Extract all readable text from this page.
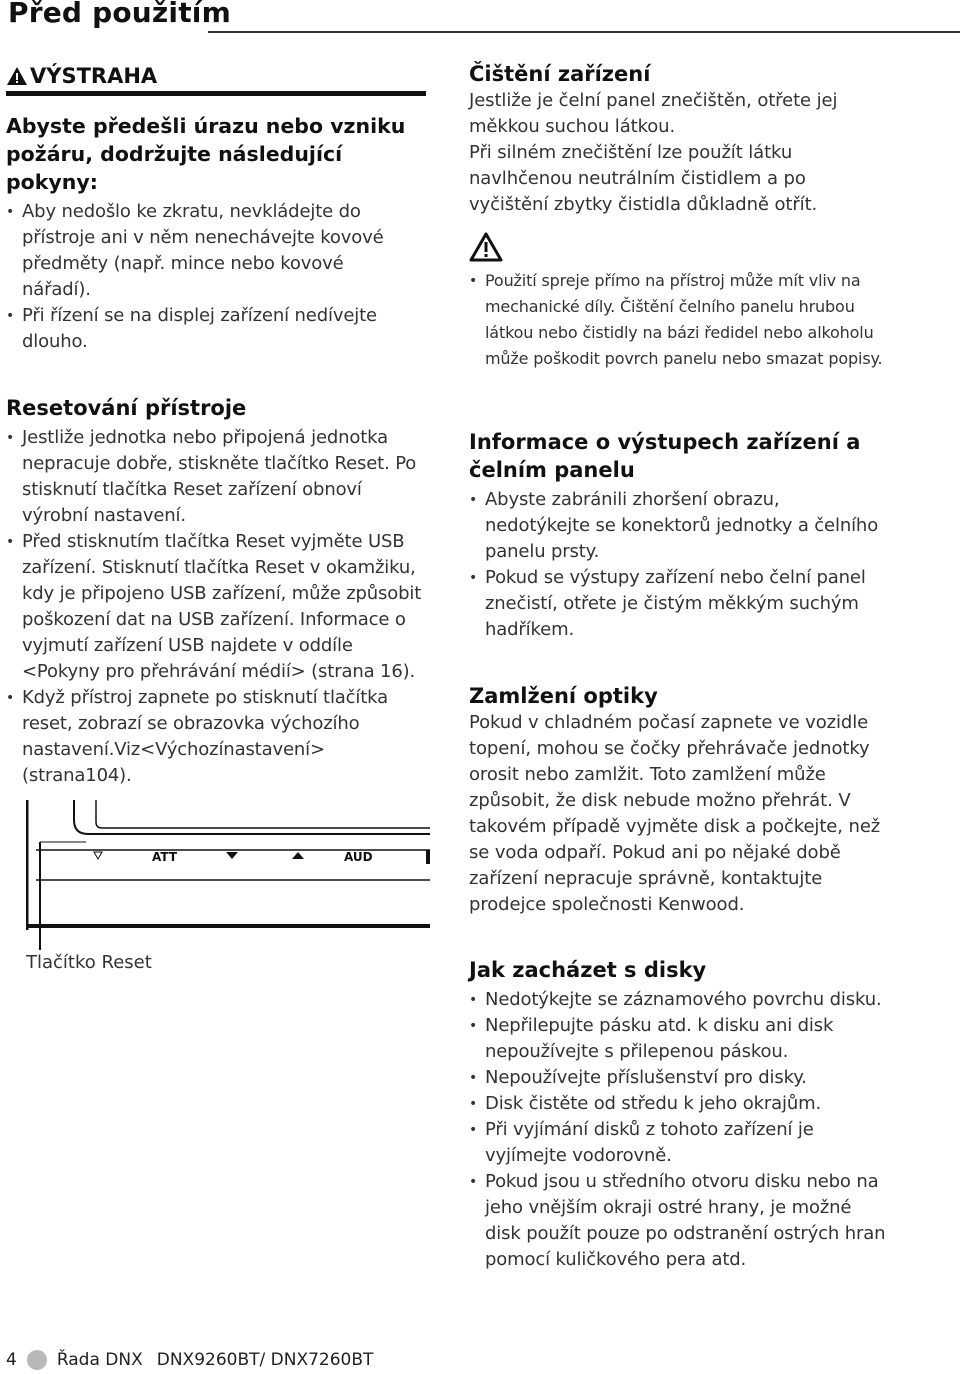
Před použitím
VÝSTRAHA

Abyste předešli úrazu nebo vzniku požáru, dodržujte následující pokyny:

• Aby nedošlo ke zkratu, nevkládejte do přístroje ani v něm nenechávejte kovové předměty (např. mince nebo kovové nářadí).
• Při řízení se na displej zařízení nedívejte dlouho.
Resetování přístroje
• Jestliže jednotka nebo připojená jednotka nepracuje dobře, stiskněte tlačítko Reset. Po stisknutí tlačítka Reset zařízení obnoví výrobní nastavení.
• Před stisknutím tlačítka Reset vyjměte USB zařízení. Stisknutí tlačítka Reset v okamžiku, kdy je připojeno USB zařízení, může způsobit poškození dat na USB zařízení. Informace o vyjmutí zařízení USB najdete v oddíle <Pokyny pro přehrávání médií> (strana 16).
• Když přístroj zapnete po stisknutí tlačítka reset, zobrazí se obrazovka výchozího nastavení.Viz<Výchozínastavení>(strana104).
ATT	AUD
Tlačítko Reset
Čištění zařízení

Jestliže je čelní panel znečištěn, otřete jej měkkou suchou látkou.

Při silném znečištění lze použít látku navlhčenou neutrálním čistidlem a po vyčištění zbytky čistidla důkladně otřít.

• Použití spreje přímo na přístroj může mít vliv na mechanické díly. Čištění čelního panelu hrubou látkou nebo čistidly na bázi ředidel nebo alkoholu může poškodit povrch panelu nebo smazat popisy.
Informace o výstupech zařízení a čelním panelu
• Abyste zabránili zhoršení obrazu, nedotýkejte se konektorů jednotky a čelního panelu prsty.
• Pokud se výstupy zařízení nebo čelní panel znečistí, otřete je čistým měkkým suchým hadříkem.
Zamlžení optiky

Pokud v chladném počasí zapnete ve vozidle topení, mohou se čočky přehrávače jednotky orosit nebo zamlžit. Toto zamlžení může způsobit, že disk nebude možno přehrát. V takovém případě vyjměte disk a počkejte, než se voda odpaří. Pokud ani po nějaké době zařízení nepracuje správně, kontaktujte prodejce společnosti Kenwood.

Jak zacházet s disky
• Nedotýkejte se záznamového povrchu disku.
• Nepřilepujte pásku atd. k disku ani disk nepoužívejte s přilepenou páskou.
• Nepoužívejte příslušenství pro disky.
• Disk čistěte od středu k jeho okrajům.
• Při vyjímání disků z tohoto zařízení je vyjímejte vodorovně.
• Pokud jsou u středního otvoru disku nebo na jeho vnějším okraji ostré hrany, je možné disk použít pouze po odstranění ostrých hran pomocí kuličkového pera atd.
4 Řada DNX DNX9260BT/ DNX7260BT
